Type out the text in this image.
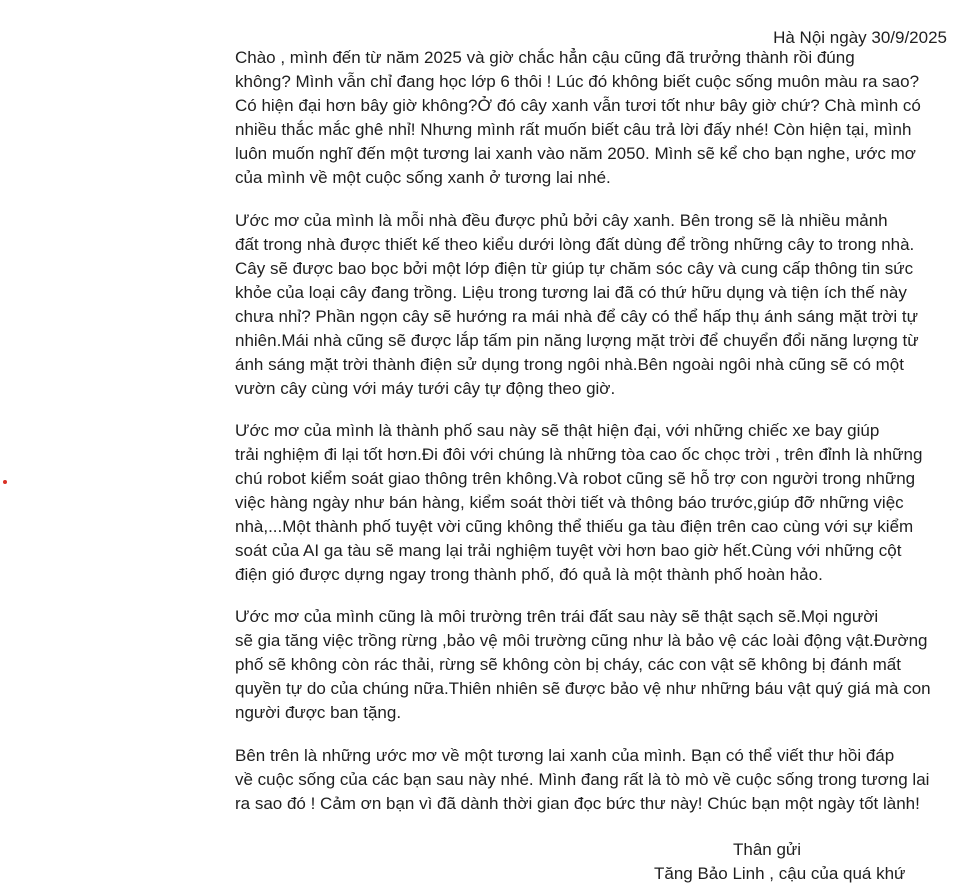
Hà Nội ngày 30/9/2025

Chào , mình đến từ năm 2025 và giờ chắc hẳn cậu cũng đã trưởng thành rồi đúng
không? Mình vẫn chỉ đang học lớp 6 thôi ! Lúc đó không biết cuộc sống muôn màu ra sao?
Có hiện đại hơn bây giờ không?Ở đó cây xanh vẫn tươi tốt như bây giờ chứ? Chà mình có
nhiều thắc mắc ghê nhỉ! Nhưng mình rất muốn biết câu trả lời đấy nhé! Còn hiện tại, mình
luôn muốn nghĩ đến một tương lai xanh vào năm 2050. Mình sẽ kể cho bạn nghe, ước mơ
của mình về một cuộc sống xanh ở tương lai nhé.

Ước mơ của mình là mỗi nhà đều được phủ bởi cây xanh. Bên trong sẽ là nhiều mảnh
đất trong nhà được thiết kế theo kiểu dưới lòng đất dùng để trồng những cây to trong nhà.
Cây sẽ được bao bọc bởi một lớp điện từ giúp tự chăm sóc cây và cung cấp thông tin sức
khỏe của loại cây đang trồng. Liệu trong tương lai đã có thứ hữu dụng và tiện ích thế này
chưa nhỉ? Phần ngọn cây sẽ hướng ra mái nhà để cây có thể hấp thụ ánh sáng mặt trời tự
nhiên.Mái nhà cũng sẽ được lắp tấm pin năng lượng mặt trời để chuyển đổi năng lượng từ
ánh sáng mặt trời thành điện sử dụng trong ngôi nhà.Bên ngoài ngôi nhà cũng sẽ có một
vườn cây cùng với máy tưới cây tự động theo giờ.

Ước mơ của mình là thành phố sau này sẽ thật hiện đại, với những chiếc xe bay giúp
trải nghiệm đi lại tốt hơn.Đi đôi với chúng là những tòa cao ốc chọc trời , trên đỉnh là những
chú robot kiểm soát giao thông trên không.Và robot cũng sẽ hỗ trợ con người trong những
việc hàng ngày như bán hàng, kiểm soát thời tiết và thông báo trước,giúp đỡ những việc
nhà,...Một thành phố tuyệt vời cũng không thể thiếu ga tàu điện trên cao cùng với sự kiểm
soát của AI ga tàu sẽ mang lại trải nghiệm tuyệt vời hơn bao giờ hết.Cùng với những cột
điện gió được dựng ngay trong thành phố, đó quả là một thành phố hoàn hảo.

Ước mơ của mình cũng là môi trường trên trái đất sau này sẽ thật sạch sẽ.Mọi người
sẽ gia tăng việc trồng rừng ,bảo vệ môi trường cũng như là bảo vệ các loài động vật.Đường
phố sẽ không còn rác thải, rừng sẽ không còn bị cháy, các con vật sẽ không bị đánh mất
quyền tự do của chúng nữa.Thiên nhiên sẽ được bảo vệ như những báu vật quý giá mà con
người được ban tặng.

Bên trên là những ước mơ về một tương lai xanh của mình. Bạn có thể viết thư hồi đáp
về cuộc sống của các bạn sau này nhé. Mình đang rất là tò mò về cuộc sống trong tương lai
ra sao đó ! Cảm ơn bạn vì đã dành thời gian đọc bức thư này! Chúc bạn một ngày tốt lành!

Thân gửi
Tăng Bảo Linh , cậu của quá khứ
